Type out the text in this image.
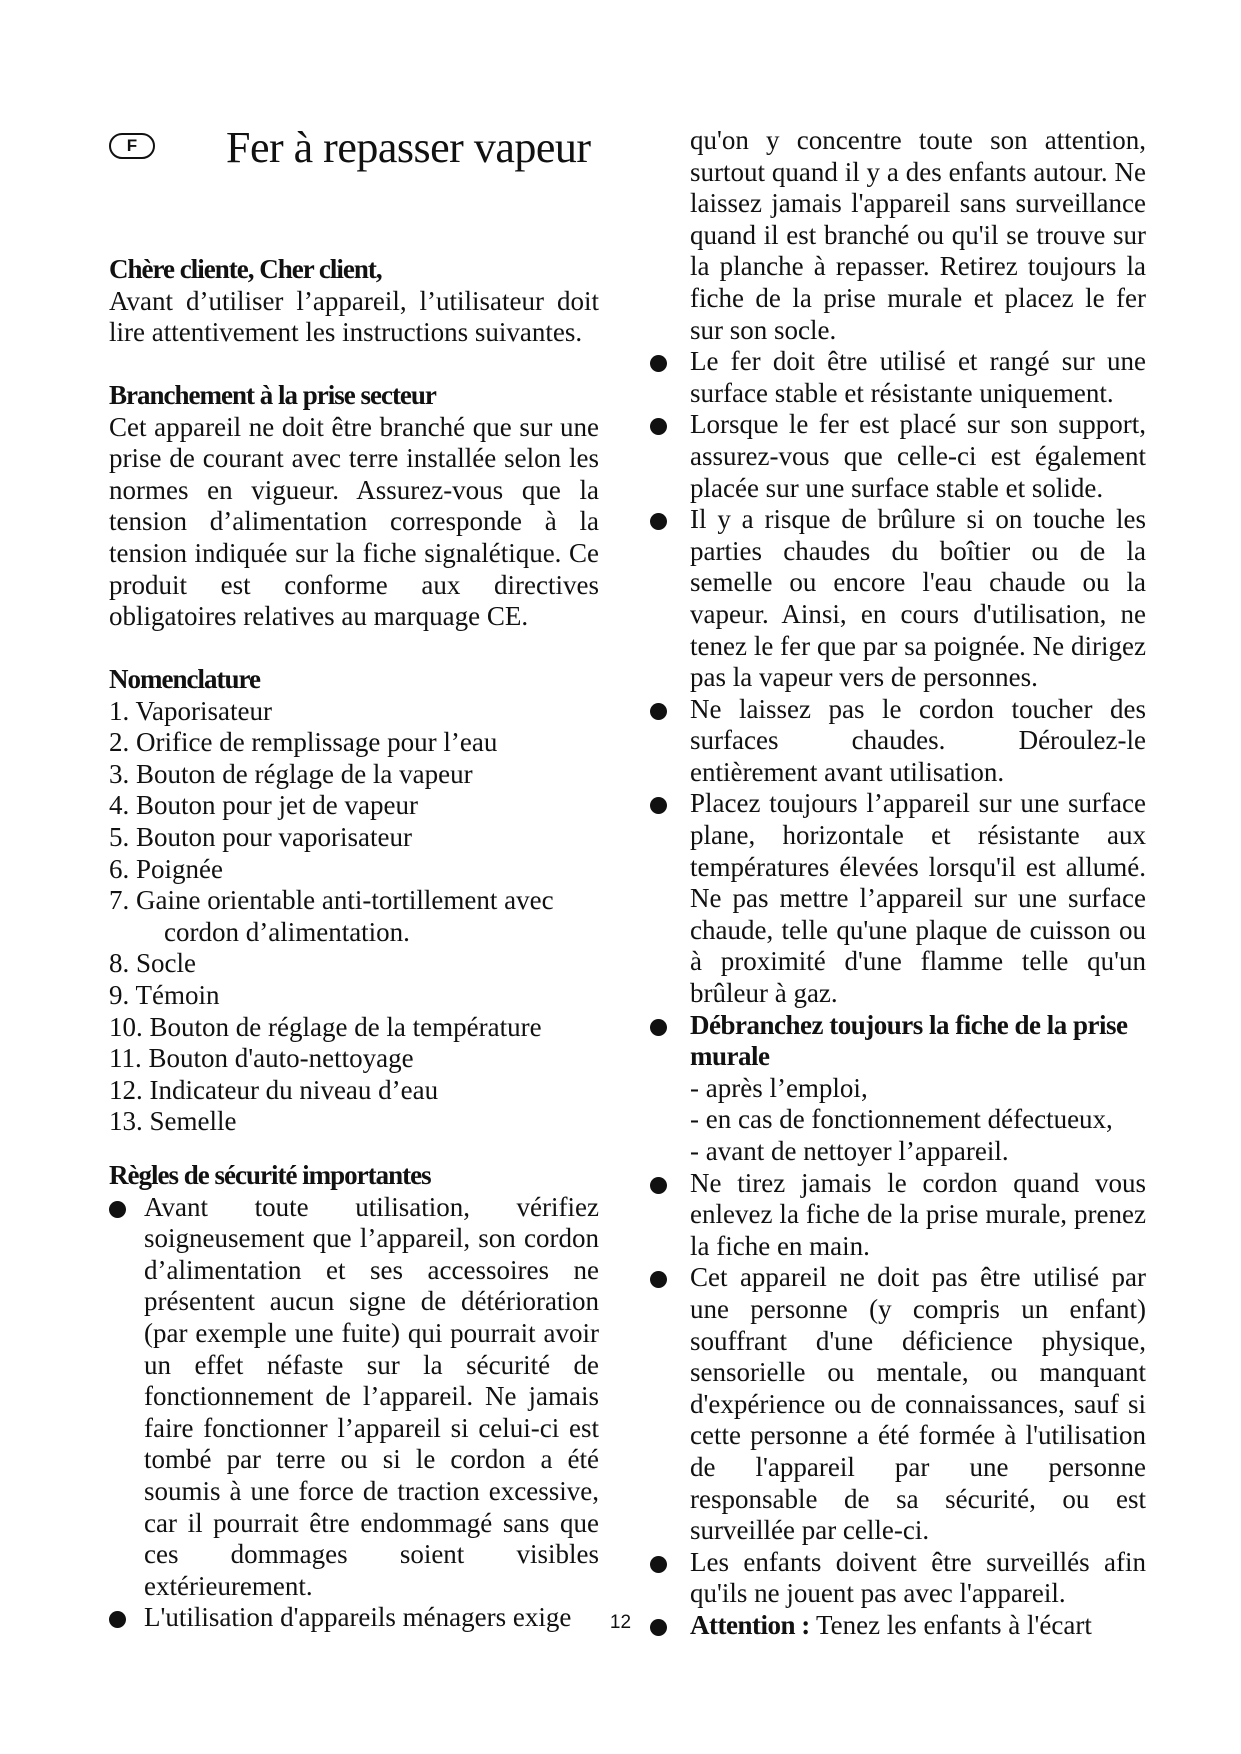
F	Fer à repasser vapeur
Chère cliente, Cher client,

Avant d’utiliser l’appareil, l’utilisateur doit lire attentivement les instructions suivantes.

Branchement à la prise secteur

Cet appareil ne doit être branché que sur une prise de courant avec terre installée selon les normes en vigueur. Assurez-vous que la tension d’alimentation corresponde à la tension indiquée sur la fiche signalétique. Ce produit est conforme aux directives obligatoires relatives au marquage CE.

Nomenclature
1. Vaporisateur
2. Orifice de remplissage pour l’eau
3. Bouton de réglage de la vapeur
4. Bouton pour jet de vapeur
5. Bouton pour vaporisateur
6. Poignée
7. Gaine orientable anti-tortillement avec
cordon d’alimentation.
8. Socle
9. Témoin
10. Bouton de réglage de la température
11. Bouton d'auto-nettoyage
12. Indicateur du niveau d’eau
13. Semelle
Règles de sécurité importantes
Avant toute utilisation, vérifiez soigneusement que l’appareil, son cordon d’alimentation et ses accessoires ne présentent aucun signe de détérioration (par exemple une fuite) qui pourrait avoir un effet néfaste sur la sécurité de fonctionnement de l’appareil. Ne jamais faire fonctionner l’appareil si celui-ci est tombé par terre ou si le cordon a été soumis à une force de traction excessive, car il pourrait être endommagé sans que ces dommages soient visibles extérieurement.
L'utilisation d'appareils ménagers exige

qu'on y concentre toute son attention, surtout quand il y a des enfants autour. Ne laissez jamais l'appareil sans surveillance quand il est branché ou qu'il se trouve sur la planche à repasser. Retirez toujours la fiche de la prise murale et placez le fer sur son socle.

Le fer doit être utilisé et rangé sur une surface stable et résistante uniquement.
Lorsque le fer est placé sur son support, assurez-vous que celle-ci est également placée sur une surface stable et solide.
Il y a risque de brûlure si on touche les parties chaudes du boîtier ou de la semelle ou encore l'eau chaude ou la vapeur. Ainsi, en cours d'utilisation, ne tenez le fer que par sa poignée. Ne dirigez pas la vapeur vers de personnes.
Ne laissez pas le cordon toucher des surfaces chaudes. Déroulez-le entièrement avant utilisation.
Placez toujours l’appareil sur une surface plane, horizontale et résistante aux températures élevées lorsqu'il est allumé. Ne pas mettre l’appareil sur une surface chaude, telle qu'une plaque de cuisson ou à proximité d'une flamme telle qu'un brûleur à gaz.
Débranchez toujours la fiche de la prise murale
- après l’emploi,
- en cas de fonctionnement défectueux,
- avant de nettoyer l’appareil.
Ne tirez jamais le cordon quand vous enlevez la fiche de la prise murale, prenez la fiche en main.
Cet appareil ne doit pas être utilisé par une personne (y compris un enfant) souffrant d'une déficience physique, sensorielle ou mentale, ou manquant d'expérience ou de connaissances, sauf si cette personne a été formée à l'utilisation de l'appareil par une personne responsable de sa sécurité, ou est surveillée par celle-ci.
Les enfants doivent être surveillés afin qu'ils ne jouent pas avec l'appareil.
Attention : Tenez les enfants à l'écart
12
